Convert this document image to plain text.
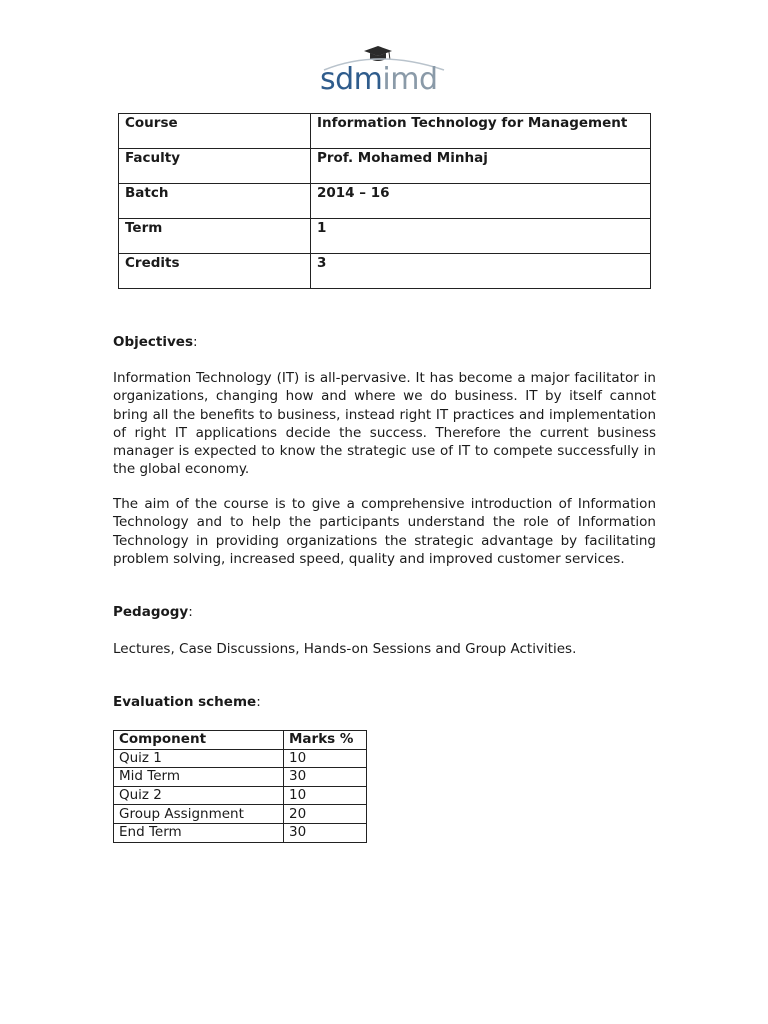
sdmimd
Course	Information Technology for Management
Faculty	Prof. Mohamed Minhaj
Batch	2014 – 16
Term	1
Credits	3
Objectives:
Information Technology (IT) is all-pervasive. It has become a major facilitator in organizations, changing how and where we do business. IT by itself cannot bring all the benefits to business, instead right IT practices and implementation of right IT applications decide the success. Therefore the current business manager is expected to know the strategic use of IT to compete successfully in the global economy.
The aim of the course is to give a comprehensive introduction of Information Technology and to help the participants understand the role of Information Technology in providing organizations the strategic advantage by facilitating problem solving, increased speed, quality and improved customer services.
Pedagogy:
Lectures, Case Discussions, Hands-on Sessions and Group Activities.
Evaluation scheme:
Component	Marks %
Quiz 1	10
Mid Term	30
Quiz 2	10
Group Assignment	20
End Term	30
